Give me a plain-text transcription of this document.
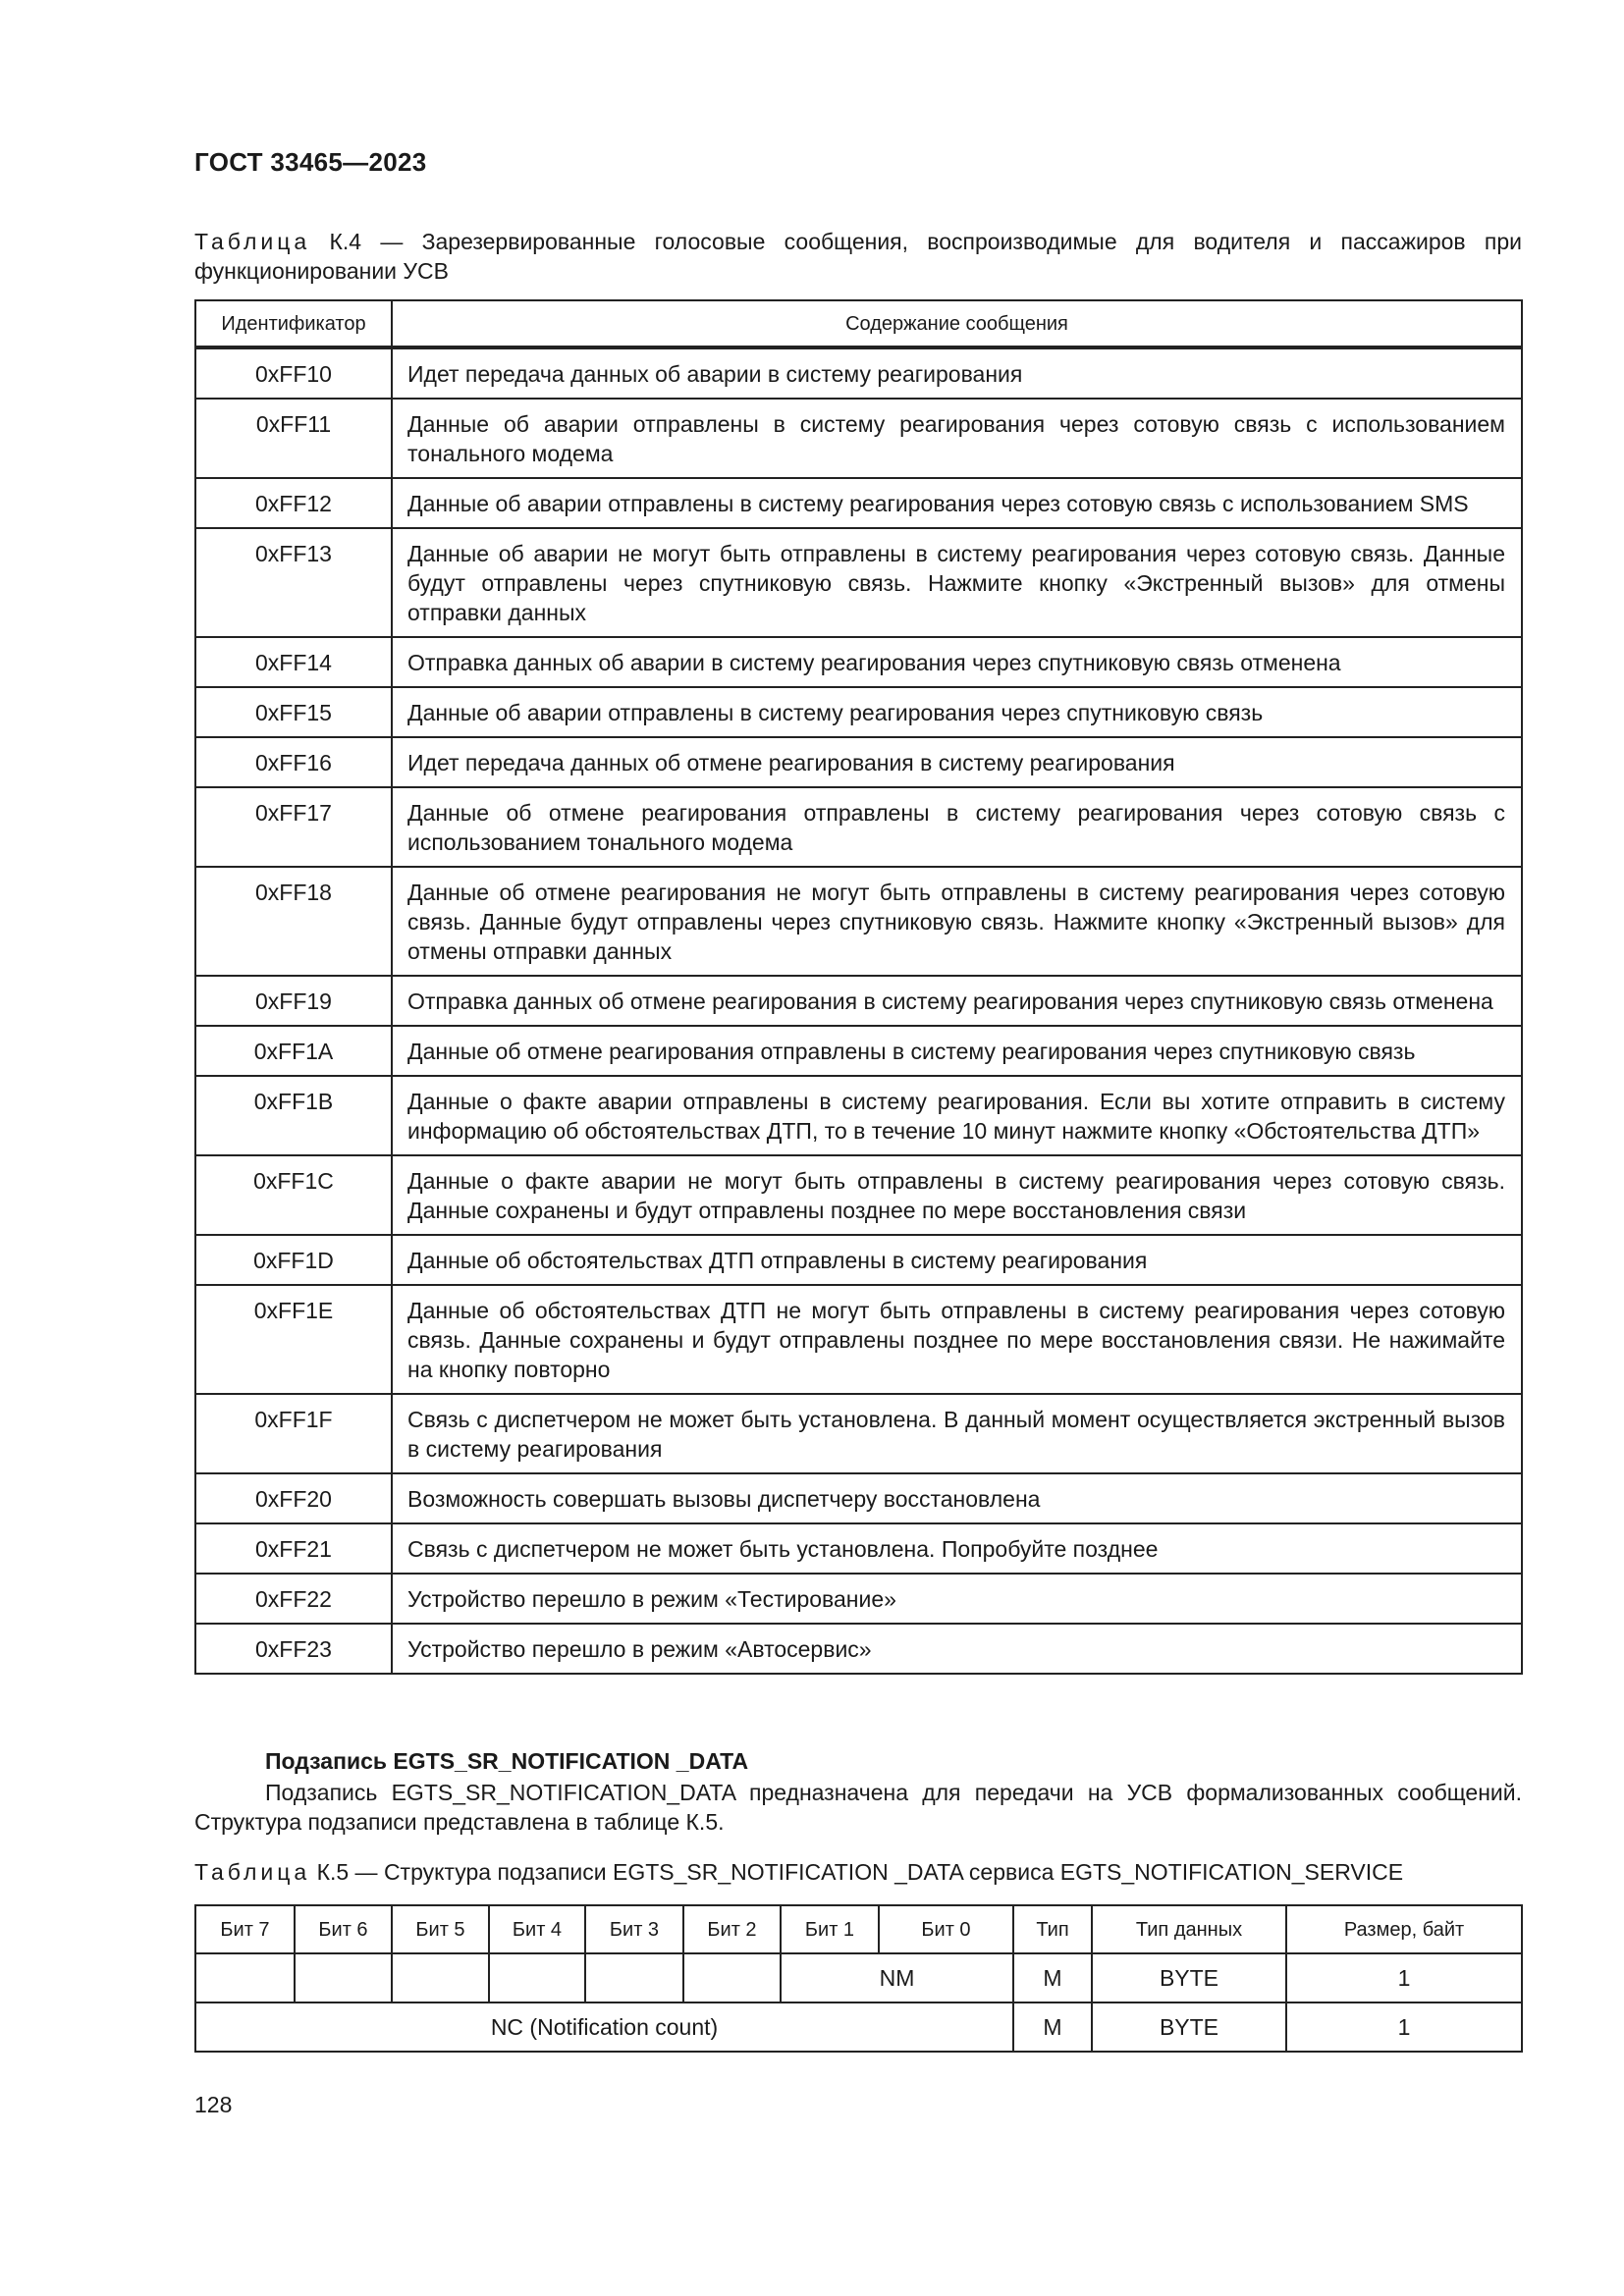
ГОСТ 33465—2023
Таблица К.4 — Зарезервированные голосовые сообщения, воспроизводимые для водителя и пассажиров при функционировании УСВ
Идентификатор	Содержание сообщения
0xFF10	Идет передача данных об аварии в систему реагирования
0xFF11	Данные об аварии отправлены в систему реагирования через сотовую связь с использованием тонального модема
0xFF12	Данные об аварии отправлены в систему реагирования через сотовую связь с использованием SMS
0xFF13	Данные об аварии не могут быть отправлены в систему реагирования через сотовую связь. Данные будут отправлены через спутниковую связь. Нажмите кнопку «Экстренный вызов» для отмены отправки данных
0xFF14	Отправка данных об аварии в систему реагирования через спутниковую связь отменена
0xFF15	Данные об аварии отправлены в систему реагирования через спутниковую связь
0xFF16	Идет передача данных об отмене реагирования в систему реагирования
0xFF17	Данные об отмене реагирования отправлены в систему реагирования через сотовую связь с использованием тонального модема
0xFF18	Данные об отмене реагирования не могут быть отправлены в систему реагирования через сотовую связь. Данные будут отправлены через спутниковую связь. Нажмите кнопку «Экстренный вызов» для отмены отправки данных
0xFF19	Отправка данных об отмене реагирования в систему реагирования через спутниковую связь отменена
0xFF1A	Данные об отмене реагирования отправлены в систему реагирования через спутниковую связь
0xFF1B	Данные о факте аварии отправлены в систему реагирования. Если вы хотите отправить в систему информацию об обстоятельствах ДТП, то в течение 10 минут нажмите кнопку «Обстоятельства ДТП»
0xFF1C	Данные о факте аварии не могут быть отправлены в систему реагирования через сотовую связь. Данные сохранены и будут отправлены позднее по мере восстановления связи
0xFF1D	Данные об обстоятельствах ДТП отправлены в систему реагирования
0xFF1E	Данные об обстоятельствах ДТП не могут быть отправлены в систему реагирования через сотовую связь. Данные сохранены и будут отправлены позднее по мере восстановления связи. Не нажимайте на кнопку повторно
0xFF1F	Связь с диспетчером не может быть установлена. В данный момент осуществляется экстренный вызов в систему реагирования
0xFF20	Возможность совершать вызовы диспетчеру восстановлена
0xFF21	Связь с диспетчером не может быть установлена. Попробуйте позднее
0xFF22	Устройство перешло в режим «Тестирование»
0xFF23	Устройство перешло в режим «Автосервис»
Подзапись EGTS_SR_NOTIFICATION _DATA
Подзапись EGTS_SR_NOTIFICATION_DATA предназначена для передачи на УСВ формализованных сообщений. Структура подзаписи представлена в таблице К.5.
Таблица К.5 — Структура подзаписи EGTS_SR_NOTIFICATION _DATA сервиса EGTS_NOTIFICATION_SERVICE
Бит 7	Бит 6	Бит 5	Бит 4	Бит 3	Бит 2	Бит 1	Бит 0	Тип	Тип данных	Размер, байт
						NM		M	BYTE	1
NC (Notification count)								M	BYTE	1
128
